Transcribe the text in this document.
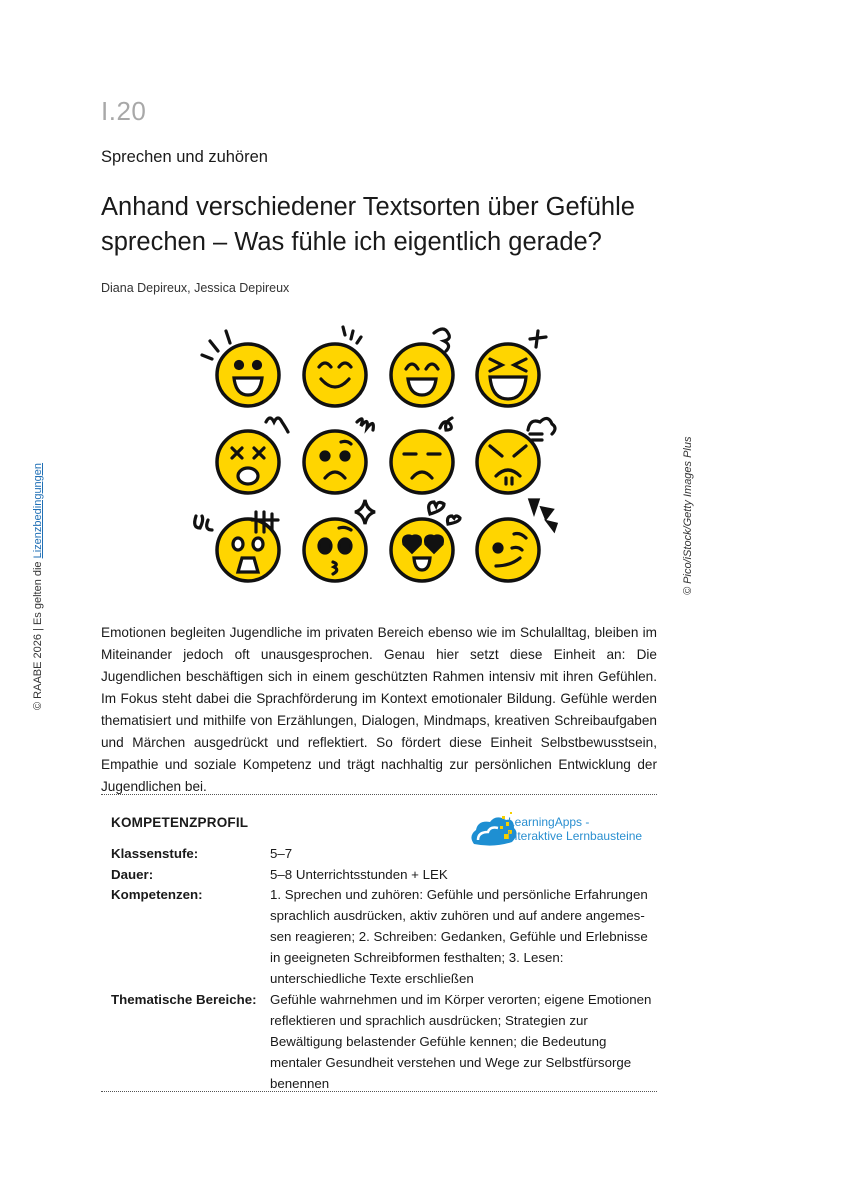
I.20
Sprechen und zuhören
Anhand verschiedener Textsorten über Gefühle
sprechen – Was fühle ich eigentlich gerade?
Diana Depireux, Jessica Depireux
© RAABE 2026 | Es gelten die Lizenzbedingungen	© Pico/iStock/Getty Images Plus

Emotionen begleiten Jugendliche im privaten Bereich ebenso wie im Schulalltag, bleiben im Miteinander jedoch oft unausgesprochen. Genau hier setzt diese Einheit an: Die Jugendlichen beschäftigen sich in einem geschützten Rahmen intensiv mit ihren Gefühlen. Im Fokus steht dabei die Sprachförderung im Kontext emotionaler Bildung. Gefühle werden thematisiert und mithilfe von Erzählungen, Dialogen, Mindmaps, kreativen Schreibaufgaben und Märchen ausgedrückt und reflektiert. So fördert diese Einheit Selbstbewusstsein, Empathie und soziale Kompetenz und trägt nachhaltig zur persönlichen Entwicklung der Jugendlichen bei.

KOMPETENZPROFIL	LearningApps -
interaktive Lernbausteine
Klassenstufe:	5–7
Dauer:	5–8 Unterrichtsstunden + LEK
Kompetenzen:	1. Sprechen und zuhören: Gefühle und persönliche Erfahrungen sprachlich ausdrücken, aktiv zuhören und auf andere angemessen reagieren; 2. Schreiben: Gedanken, Gefühle und Erlebnisse in geeigneten Schreibformen festhalten; 3. Lesen: unterschiedliche Texte erschließen
Thematische Bereiche:	Gefühle wahrnehmen und im Körper verorten; eigene Emotionen reflektieren und sprachlich ausdrücken; Strategien zur Bewältigung belastender Gefühle kennen; die Bedeutung mentaler Gesundheit verstehen und Wege zur Selbstfürsorge benennen
